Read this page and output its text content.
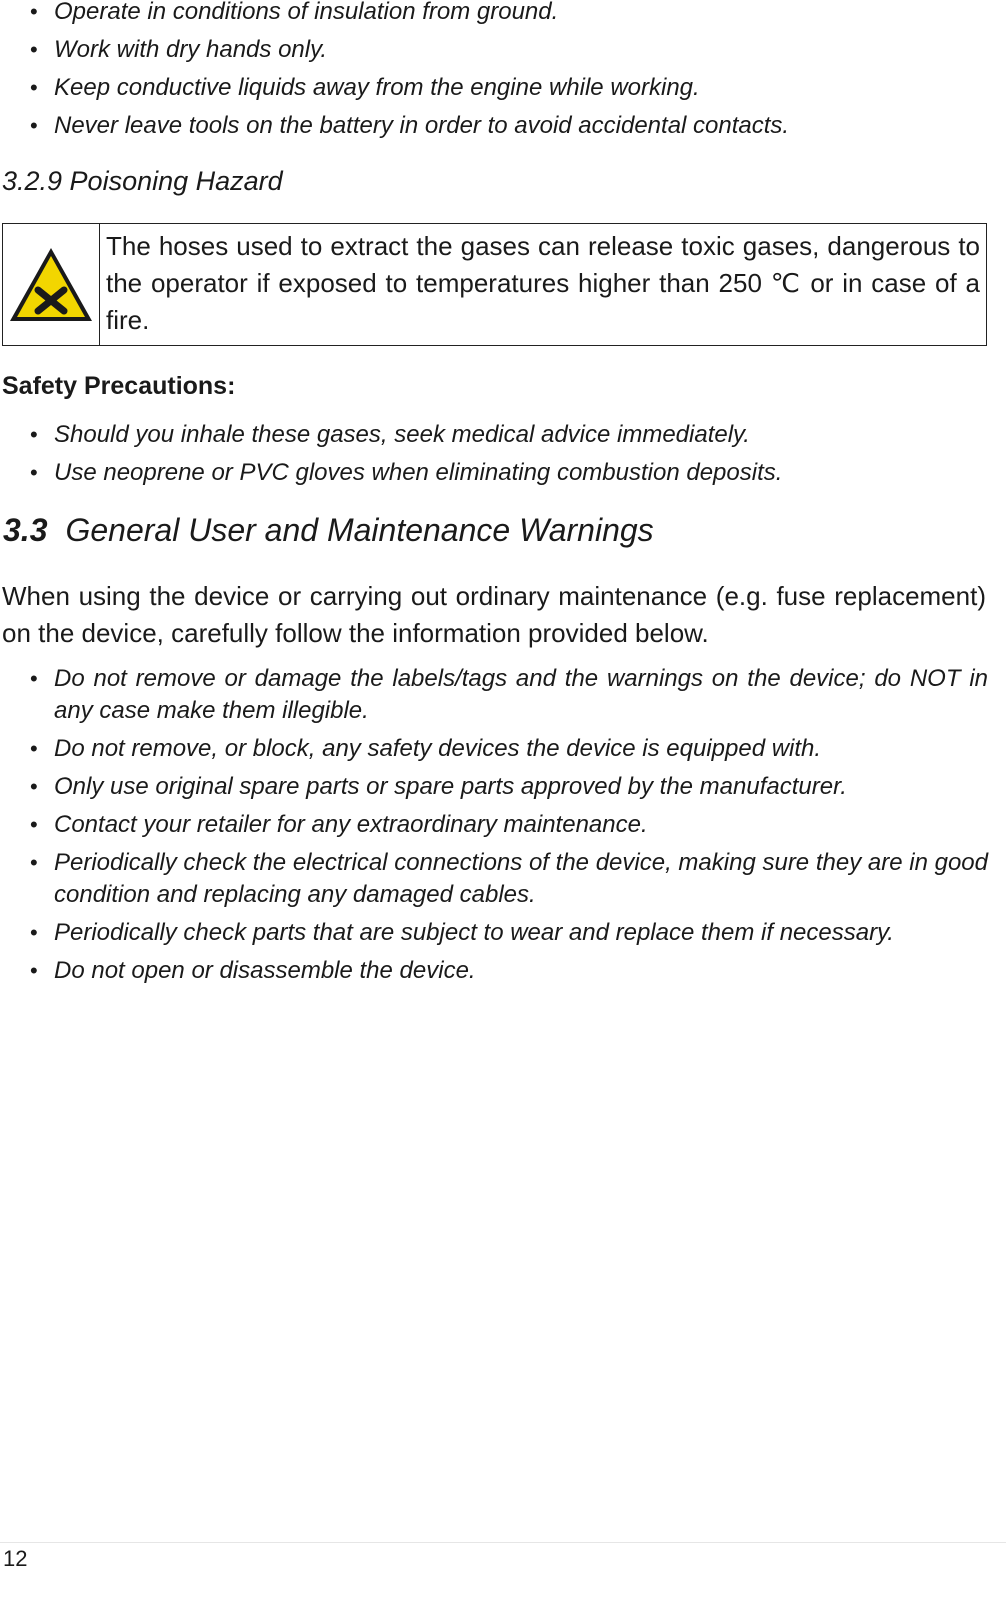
• Operate in conditions of insulation from ground.
• Work with dry hands only.
• Keep conductive liquids away from the engine while working.
• Never leave tools on the battery in order to avoid accidental contacts.
3.2.9 Poisoning Hazard
The hoses used to extract the gases can release toxic gases, dangerous to the operator if exposed to temperatures higher than 250 ℃ or in case of a fire.
Safety Precautions:
• Should you inhale these gases, seek medical advice immediately.
• Use neoprene or PVC gloves when eliminating combustion deposits.
3.3 General User and Maintenance Warnings

When using the device or carrying out ordinary maintenance (e.g. fuse replacement) on the device, carefully follow the information provided below.

• Do not remove or damage the labels/tags and the warnings on the device; do NOT in any case make them illegible.
• Do not remove, or block, any safety devices the device is equipped with.
• Only use original spare parts or spare parts approved by the manufacturer.
• Contact your retailer for any extraordinary maintenance.
• Periodically check the electrical connections of the device, making sure they are in good condition and replacing any damaged cables.
• Periodically check parts that are subject to wear and replace them if necessary.
• Do not open or disassemble the device.

12
